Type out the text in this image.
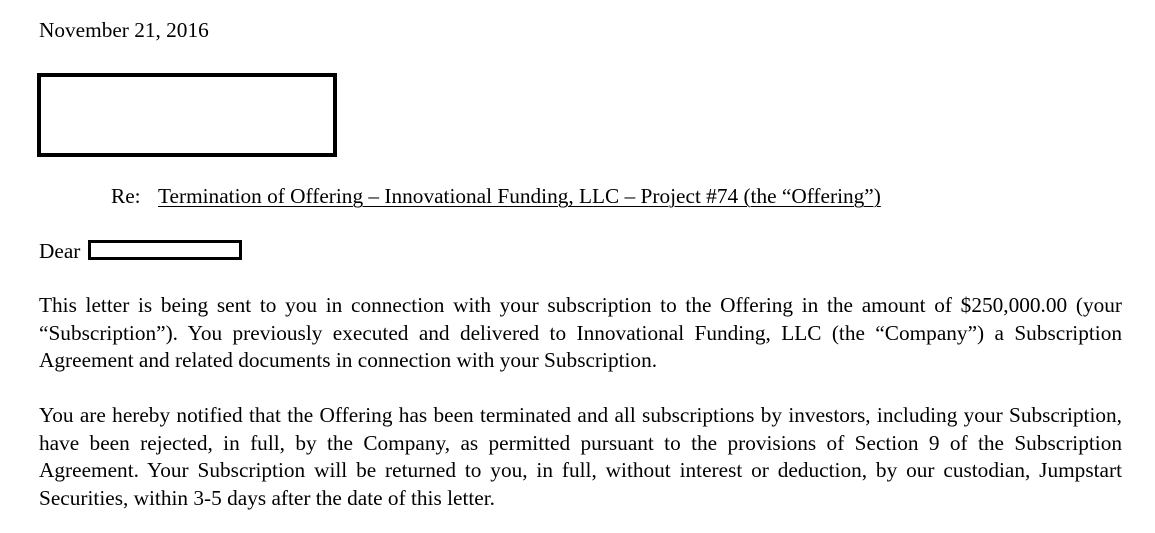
November 21, 2016
Re: Termination of Offering – Innovational Funding, LLC – Project #74 (the “Offering”)
Dear

This letter is being sent to you in connection with your subscription to the Offering in the amount of $250,000.00 (your “Subscription”). You previously executed and delivered to Innovational Funding, LLC (the “Company”) a Subscription Agreement and related documents in connection with your Subscription.

You are hereby notified that the Offering has been terminated and all subscriptions by investors, including your Subscription, have been rejected, in full, by the Company, as permitted pursuant to the provisions of Section 9 of the Subscription Agreement. Your Subscription will be returned to you, in full, without interest or deduction, by our custodian, Jumpstart Securities, within 3-5 days after the date of this letter.
